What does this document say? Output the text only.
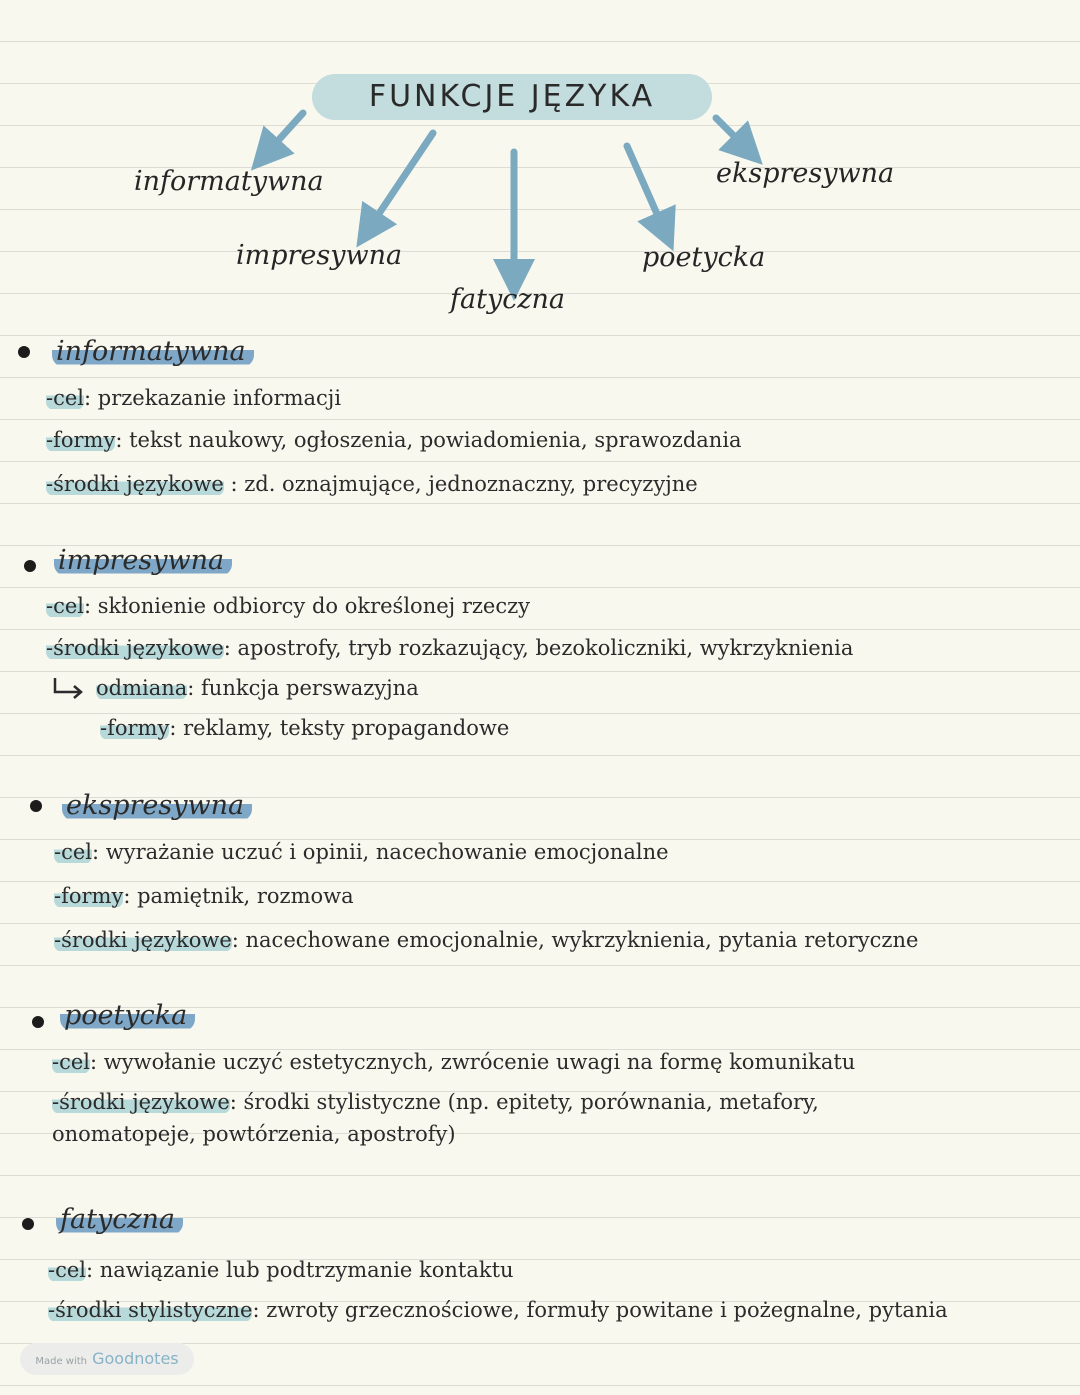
FUNKCJE JĘZYKA
informatywna
impresywna
fatyczna
poetycka
ekspresywna
informatywna
-cel: przekazanie informacji
-formy: tekst naukowy, ogłoszenia, powiadomienia, sprawozdania
-środki językowe : zd. oznajmujące, jednoznaczny, precyzyjne
impresywna
-cel: skłonienie odbiorcy do określonej rzeczy
-środki językowe: apostrofy, tryb rozkazujący, bezokoliczniki, wykrzyknienia
odmiana: funkcja perswazyjna
-formy: reklamy, teksty propagandowe
ekspresywna
-cel: wyrażanie uczuć i opinii, nacechowanie emocjonalne
-formy: pamiętnik, rozmowa
-środki językowe: nacechowane emocjonalnie, wykrzyknienia, pytania retoryczne
poetycka
-cel: wywołanie uczyć estetycznych, zwrócenie uwagi na formę komunikatu
-środki językowe: środki stylistyczne (np. epitety, porównania, metafory,
onomatopeje, powtórzenia, apostrofy)
fatyczna
-cel: nawiązanie lub podtrzymanie kontaktu
-środki stylistyczne: zwroty grzecznościowe, formuły powitane i pożegnalne, pytania
Made with Goodnotes
